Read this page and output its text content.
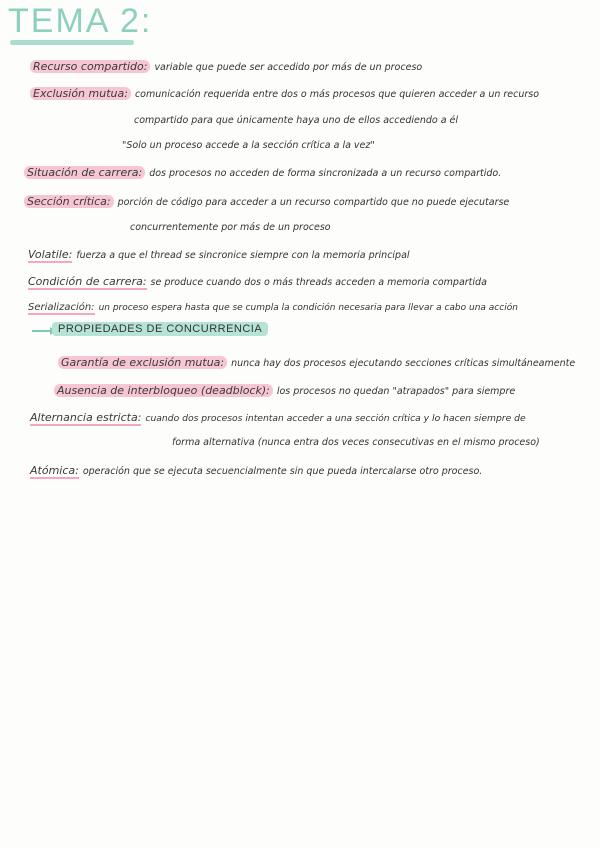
TEMA 2:
Recurso compartido: variable que puede ser accedido por más de un proceso
Exclusión mutua: comunicación requerida entre dos o más procesos que quieren acceder a un recurso
compartido para que únicamente haya uno de ellos accediendo a él
"Solo un proceso accede a la sección crítica a la vez"
Situación de carrera: dos procesos no acceden de forma sincronizada a un recurso compartido.
Sección crítica: porción de código para acceder a un recurso compartido que no puede ejecutarse
concurrentemente por más de un proceso
Volatile: fuerza a que el thread se sincronice siempre con la memoria principal
Condición de carrera: se produce cuando dos o más threads acceden a memoria compartida
Serialización: un proceso espera hasta que se cumpla la condición necesaria para llevar a cabo una acción
PROPIEDADES DE CONCURRENCIA
Garantía de exclusión mutua: nunca hay dos procesos ejecutando secciones críticas simultáneamente
Ausencia de interbloqueo (deadblock): los procesos no quedan "atrapados" para siempre
Alternancia estricta: cuando dos procesos intentan acceder a una sección crítica y lo hacen siempre de
forma alternativa (nunca entra dos veces consecutivas en el mismo proceso)
Atómica: operación que se ejecuta secuencialmente sin que pueda intercalarse otro proceso.
